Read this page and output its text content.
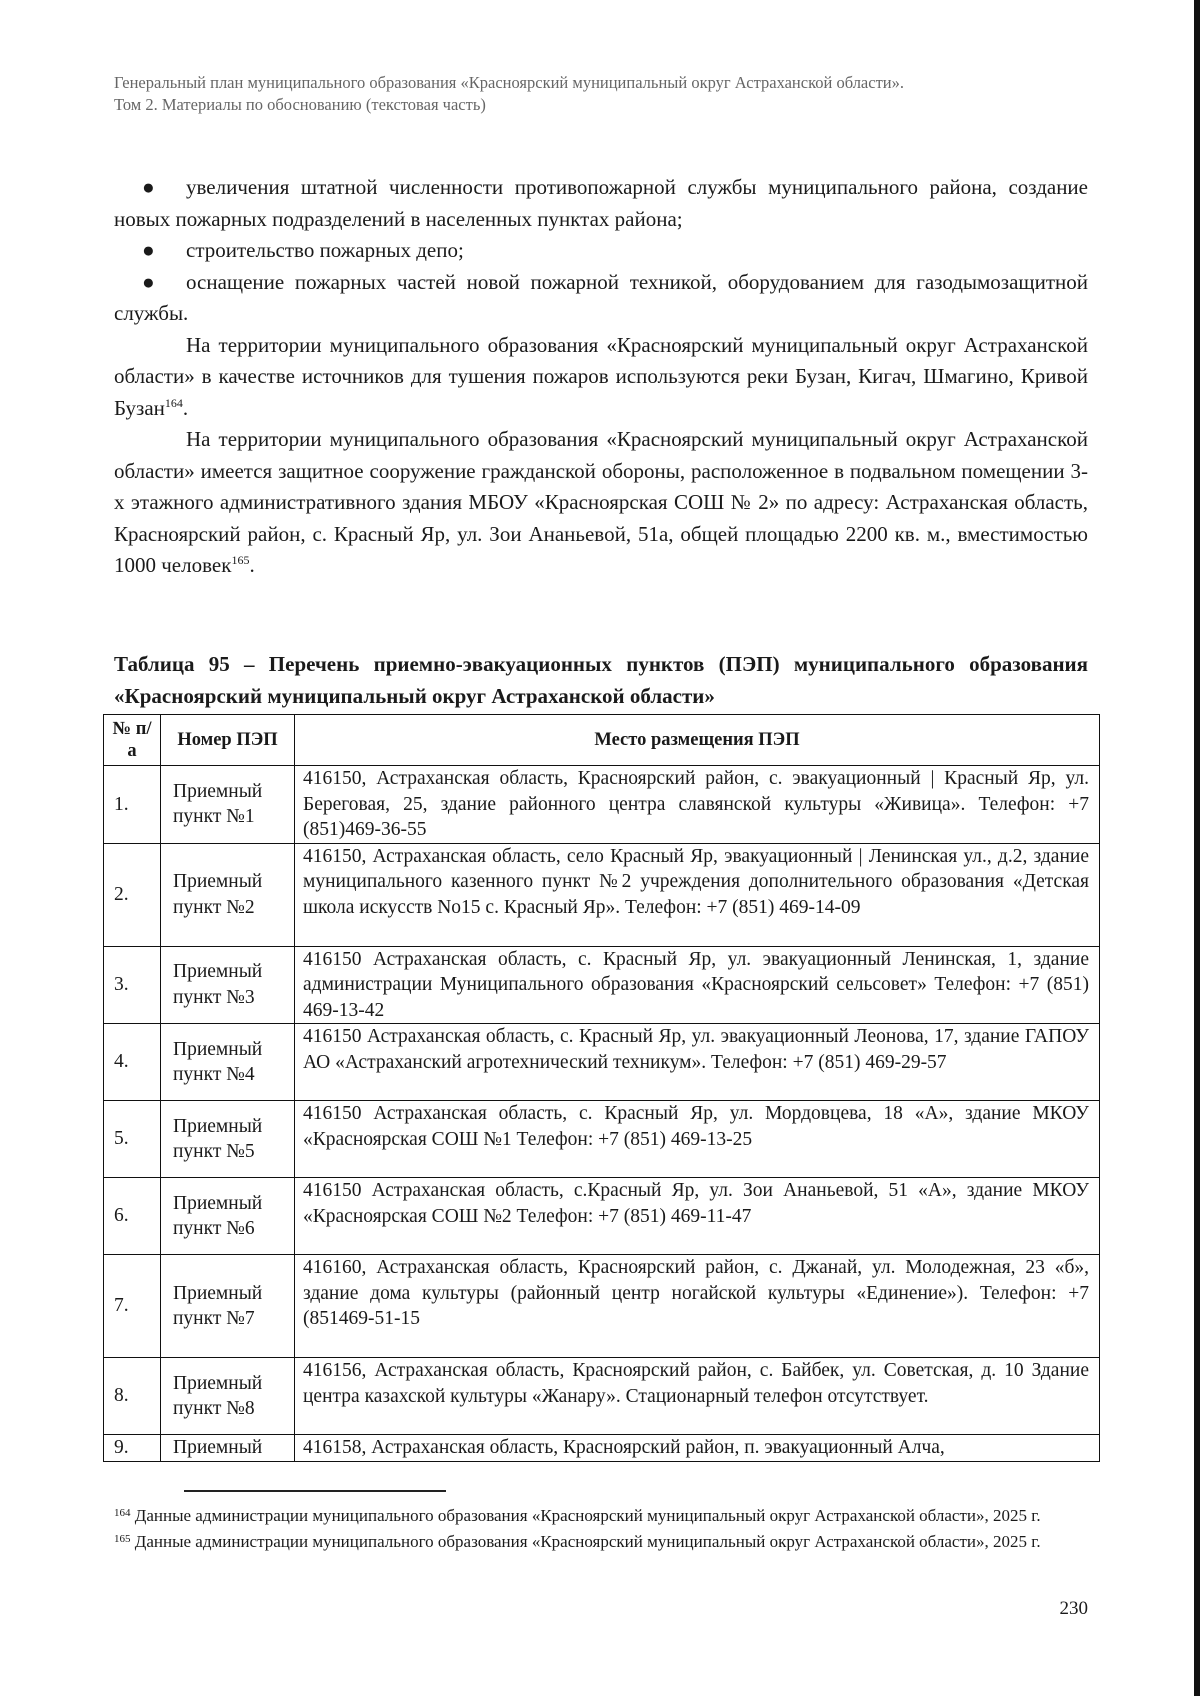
Генеральный план муниципального образования «Красноярский муниципальный округ Астраханской области».
Том 2. Материалы по обоснованию (текстовая часть)

● увеличения штатной численности противопожарной службы муниципального района, создание новых пожарных подразделений в населенных пунктах района;

● строительство пожарных депо;

● оснащение пожарных частей новой пожарной техникой, оборудованием для газодымозащитной службы.

На территории муниципального образования «Красноярский муниципальный округ Астраханской области» в качестве источников для тушения пожаров используются реки Бузан, Кигач, Шмагино, Кривой Бузан$^{164}$.

На территории муниципального образования «Красноярский муниципальный округ Астраханской области» имеется защитное сооружение гражданской обороны, расположенное в подвальном помещении 3-х этажного административного здания МБОУ «Красноярская СОШ № 2» по адресу: Астраханская область, Красноярский район, с. Красный Яр, ул. Зои Ананьевой, 51а, общей площадью 2200 кв. м., вместимостью 1000 человек$^{165}$.

Таблица 95 – Перечень приемно-эвакуационных пунктов (ПЭП) муниципального образования «Красноярский муниципальный округ Астраханской области»
№ п/а	Номер ПЭП	Место размещения ПЭП
1.	Приемный пункт №1	416150, Астраханская область, Красноярский район, с. эвакуационный | Красный Яр, ул. Береговая, 25, здание районного центра славянской культуры «Живица». Телефон: +7 (851)469-36-55
2.	Приемный пункт №2	416150, Астраханская область, село Красный Яр, эвакуационный | Ленинская ул., д.2, здание муниципального казенного пункт №2 учреждения дополнительного образования «Детская школа искусств No15 с. Красный Яр». Телефон: +7 (851) 469-14-09
3.	Приемный пункт №3	416150 Астраханская область, с. Красный Яр, ул. эвакуационный Ленинская, 1, здание администрации Муниципального образования «Красноярский сельсовет» Телефон: +7 (851) 469-13-42
4.	Приемный пункт №4	416150 Астраханская область, с. Красный Яр, ул. эвакуационный Леонова, 17, здание ГАПОУ АО «Астраханский агротехнический техникум». Телефон: +7 (851) 469-29-57
5.	Приемный пункт №5	416150 Астраханская область, с. Красный Яр, ул. Мордовцева, 18 «А», здание МКОУ «Красноярская СОШ №1 Телефон: +7 (851) 469-13-25
6.	Приемный пункт №6	416150 Астраханская область, с.Красный Яр, ул. Зои Ананьевой, 51 «А», здание МКОУ «Красноярская СОШ №2 Телефон: +7 (851) 469-11-47
7.	Приемный пункт №7	416160, Астраханская область, Красноярский район, с. Джанай, ул. Молодежная, 23 «б», здание дома культуры (районный центр ногайской культуры «Единение»). Телефон: +7 (851469-51-15
8.	Приемный пункт №8	416156, Астраханская область, Красноярский район, с. Байбек, ул. Советская, д. 10 Здание центра казахской культуры «Жанару». Стационарный телефон отсутствует.
9.	Приемный	416158, Астраханская область, Красноярский район, п. эвакуационный Алча,

$^{164}$ Данные администрации муниципального образования «Красноярский муниципальный округ Астраханской области», 2025 г.

$^{165}$ Данные администрации муниципального образования «Красноярский муниципальный округ Астраханской области», 2025 г.

230
